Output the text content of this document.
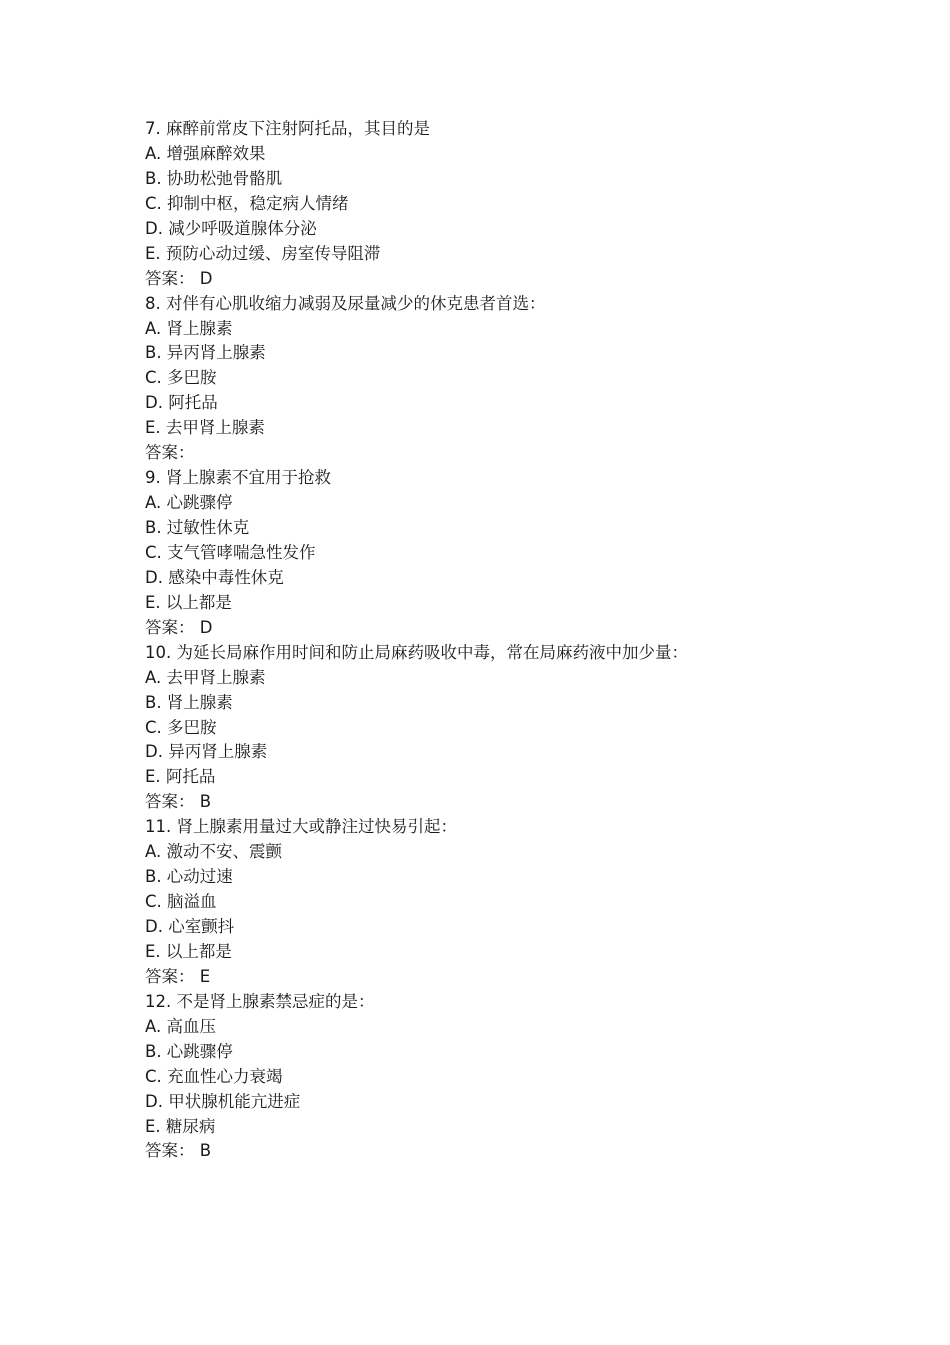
7. 麻醉前常皮下注射阿托品，其目的是
A. 增强麻醉效果
B. 协助松弛骨骼肌
C. 抑制中枢，稳定病人情绪
D. 减少呼吸道腺体分泌
E. 预防心动过缓、房室传导阻滞
答案： D
8. 对伴有心肌收缩力减弱及尿量减少的休克患者首选：
A. 肾上腺素
B. 异丙肾上腺素
C. 多巴胺
D. 阿托品
E. 去甲肾上腺素
答案：
9. 肾上腺素不宜用于抢救
A. 心跳骤停
B. 过敏性休克
C. 支气管哮喘急性发作
D. 感染中毒性休克
E. 以上都是
答案： D
10. 为延长局麻作用时间和防止局麻药吸收中毒，常在局麻药液中加少量：
A. 去甲肾上腺素
B. 肾上腺素
C. 多巴胺
D. 异丙肾上腺素
E. 阿托品
答案： B
11. 肾上腺素用量过大或静注过快易引起：
A. 激动不安、震颤
B. 心动过速
C. 脑溢血
D. 心室颤抖
E. 以上都是
答案： E
12. 不是肾上腺素禁忌症的是：
A. 高血压
B. 心跳骤停
C. 充血性心力衰竭
D. 甲状腺机能亢进症
E. 糖尿病
答案： B
